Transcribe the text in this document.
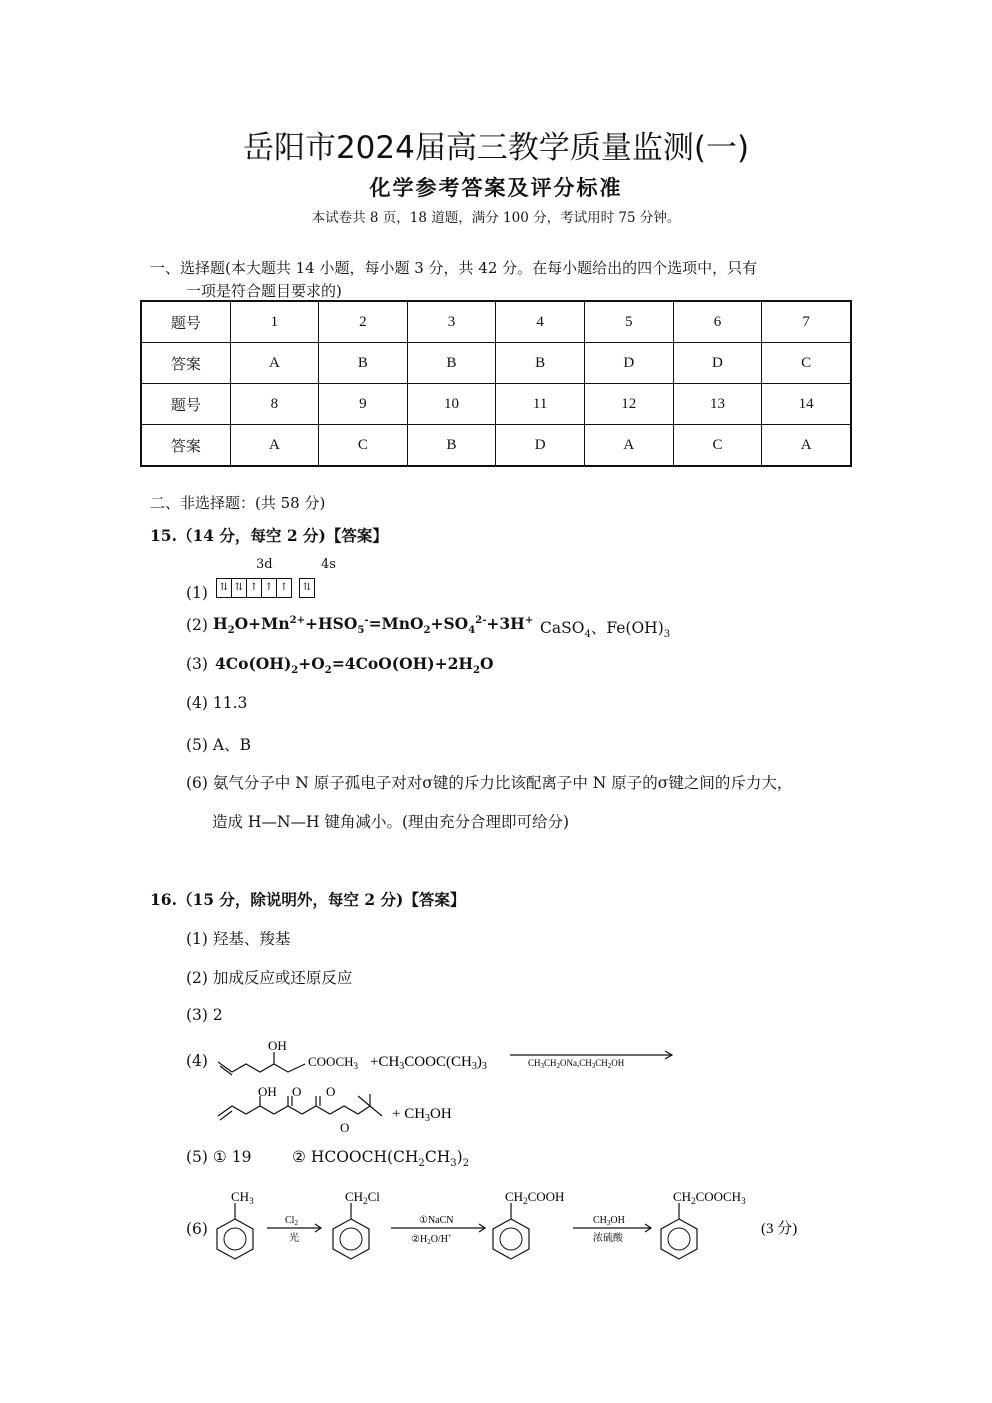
岳阳市2024届高三教学质量监测(一)
化学参考答案及评分标准
本试卷共 8 页，18 道题，满分 100 分，考试用时 75 分钟。
一、选择题(本大题共 14 小题，每小题 3 分，共 42 分。在每小题给出的四个选项中，只有
一项是符合题目要求的)
题号	1	2	3	4	5	6	7
答案	A	B	B	B	D	D	C
题号	8	9	10	11	12	13	14
答案	A	C	B	D	A	C	A
二、非选择题：(共 58 分)
15.（14 分，每空 2 分)【答案】
3d	4s
(1)	⇅ ⇅ ↑ ↑ ↑ ⇅
(2) $H_2O+Mn^{2+}+HSO_5^-=MnO_2+SO_4^{2-}+3H^+$ CaSO$_4$、$Fe(OH)_3$
(3) $4Co(OH)_2+O_2=4CoO(OH)+2H_2O$
(4) 11.3
(5) A、B
(6) 氨气分子中 N 原子孤电子对对σ键的斥力比该配离子中 N 原子的σ键之间的斥力大，
造成 H—N—H 键角减小。(理由充分合理即可给分)
16.（15 分，除说明外，每空 2 分)【答案】
(1) 羟基、羧基
(2) 加成反应或还原反应
(3) 2
(4)
OH
$COOCH_3$ $+CH_3COOC(CH_3)_3$	$CH_3CH_2ONa,CH_3CH_2OH$
OH O O
O
+ $CH_3OH$
(5) ① 19	② $HCOOCH(CH_2CH_3)_2$
(6)
$CH_3$
$Cl_2$
光
$CH_2Cl$
①NaCN
$②H_2O/H^+$
$CH_2COOH$
$CH_3OH$
浓硫酸
$CH_2COOCH_3$
(3 分)
